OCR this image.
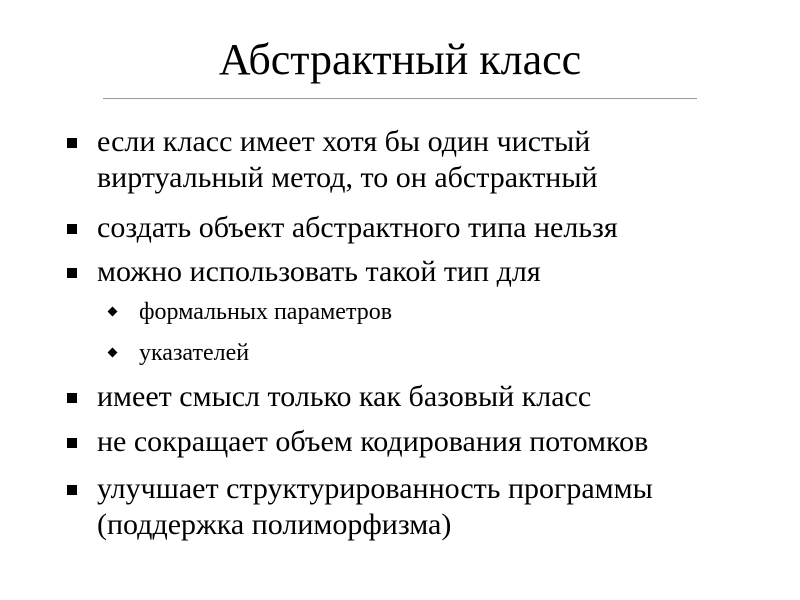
Абстрактный класс
если класс имеет хотя бы один чистый
виртуальный метод, то он абстрактный
создать объект абстрактного типа нельзя
можно использовать такой тип для
формальных параметров
указателей
имеет смысл только как базовый класс
не сокращает объем кодирования потомков
улучшает структурированность программы
(поддержка полиморфизма)
